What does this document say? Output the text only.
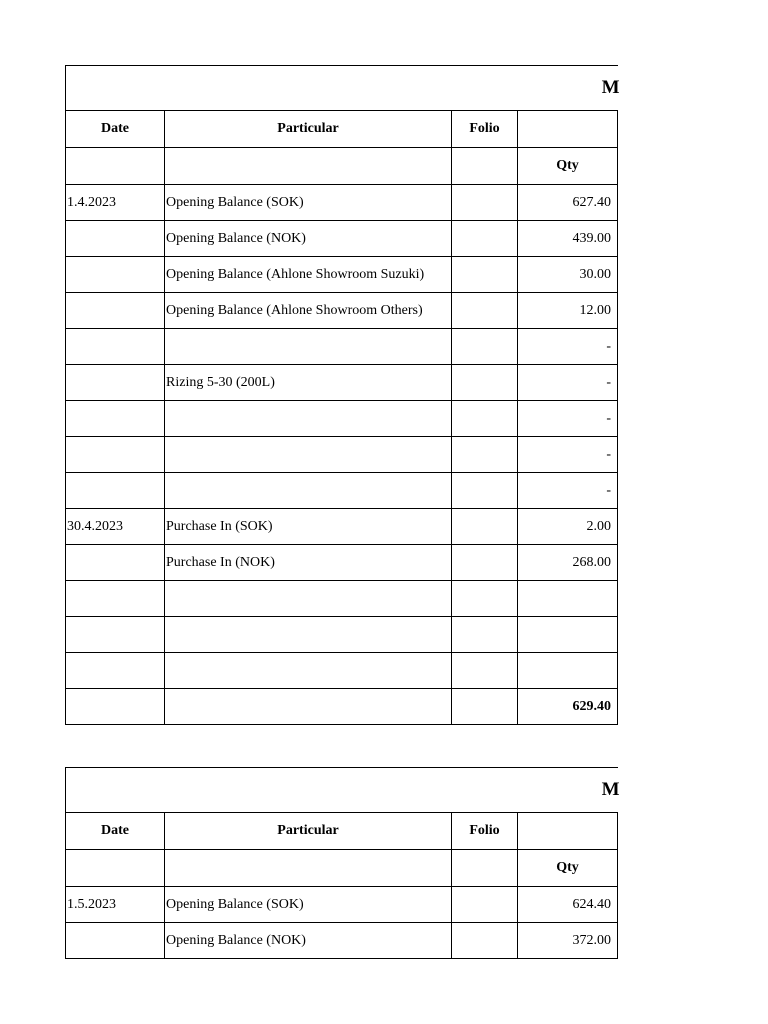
M			
Date	Particular	Folio	
			Qty
1.4.2023	Opening Balance (SOK)		627.40
	Opening Balance (NOK)		439.00
	Opening Balance (Ahlone Showroom Suzuki)		30.00
	Opening Balance (Ahlone Showroom Others)		12.00
			-
	Rizing 5-30 (200L)		-
			-
			-
			-
30.4.2023	Purchase In (SOK)		2.00
	Purchase In (NOK)		268.00

			629.40
M			
Date	Particular	Folio	
			Qty
1.5.2023	Opening Balance (SOK)		624.40
	Opening Balance (NOK)		372.00
